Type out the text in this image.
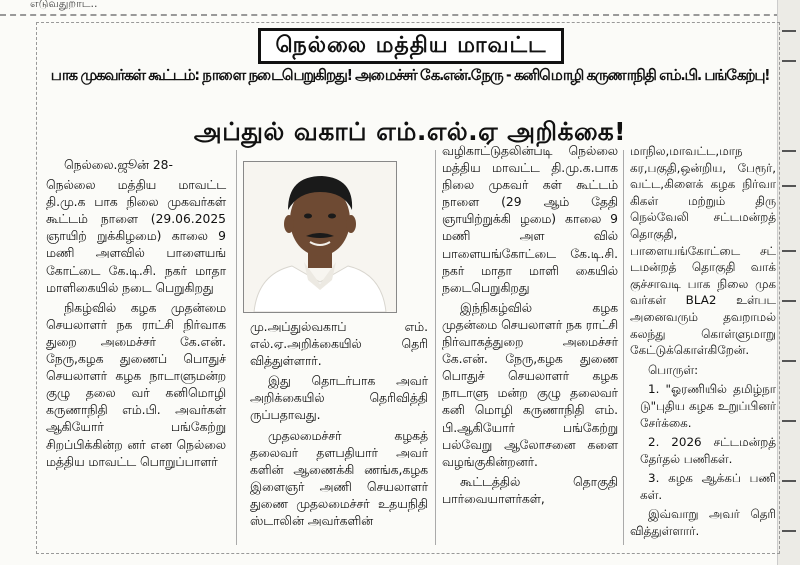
எடுவதுறாட..
நெல்லை மத்திய மாவட்ட
பாக முகவர்கள் கூட்டம்: நாளை நடைபெறுகிறது! அமைச்சர் கே.என்.நேரு - கனிமொழி கருணாநிதி எம்.பி. பங்கேற்பு!
அப்துல் வகாப் எம்.எல்.ஏ அறிக்கை!

நெல்லை.ஜூன் 28-

நெல்லை மத்திய மாவட்ட தி.மு.க பாக நிலை முகவர்கள் கூட்டம் நாளை (29.06.2025 ஞாயிற் றுக்கிழமை) காலை 9 மணி அளவில் பாளையங் கோட்டை கே.டி.சி. நகர் மாதா மாளிகையில் நடை பெறுகிறது

நிகழ்வில் கழக முதன்மை செயலாளர் நக ராட்சி நிர்வாக துறை அமைச்சர் கே.என். நேரு,கழக துணைப் பொதுச் செயலாளர் கழக நாடாளுமன்ற குழு தலை வர் கனிமொழி கருணாநிதி எம்.பி. அவர்கள் ஆகியோர் பங்கேற்று சிறப்பிக்கின்ற னர் என நெல்லை மத்திய மாவட்ட பொறுப்பாளர்

மு.அப்துல்வகாப் எம். எல்.ஏ.அறிக்கையில் தெரி வித்துள்ளார்.

இது தொடர்பாக அவர் அறிக்கையில் தெரிவித்தி ருப்பதாவது.

முதலமைச்சர் கழகத் தலைவர் தளபதியார் அவர் களின் ஆணைக்கி ணங்க,கழக இளைஞர் அணி செயலாளர் துணை முதலமைச்சர் உதயநிதி ஸ்டாலின் அவர்களின்

வழிகாட்டுதலின்படி நெல்லை மத்திய மாவட்ட தி.மு.க.பாக நிலை முகவர் கள் கூட்டம் நாளை (29 ஆம் தேதி ஞாயிற்றுக்கி ழமை) காலை 9 மணி அள வில் பாளையங்கோட்டை கே.டி.சி. நகர் மாதா மாளி கையில் நடைபெறுகிறது

இந்நிகழ்வில் கழக முதன்மை செயலாளர் நக ராட்சி நிர்வாகத்துறை அமைச்சர் கே.என். நேரு,கழக துணை பொதுச் செயலாளர் கழக நாடாளு மன்ற குழு தலைவர் கனி மொழி கருணாநிதி எம். பி.ஆகியோர் பங்கேற்று பல்வேறு ஆலோசனை களை வழங்குகின்றனர்.

கூட்டத்தில் தொகுதி பார்வையாளர்கள்,

மாநில,மாவட்ட,மாந கர,பகுதி,ஒன்றிய, பேரூர், வட்ட,கிளைக் கழக நிர்வா கிகள் மற்றும் திரு நெல்வேலி சட்டமன்றத் தொகுதி, பாளையங்கோட்டை சட் டமன்றத் தொகுதி வாக் குச்சாவடி பாக நிலை முக வர்கள் BLA2 உள்பட அனைவரும் தவறாமல் கலந்து கொள்ளுமாறு கேட்டுக்கொள்கிறேன்.

பொருள்:

1. "ஓரணியில் தமிழ்நா டு"புதிய கழக உறுப்பினர் சேர்க்கை.

2. 2026 சட்டமன்றத் தேர்தல் பணிகள்.

3. கழக ஆக்கப் பணி கள்.

இவ்வாறு அவர் தெரி வித்துள்ளார்.
